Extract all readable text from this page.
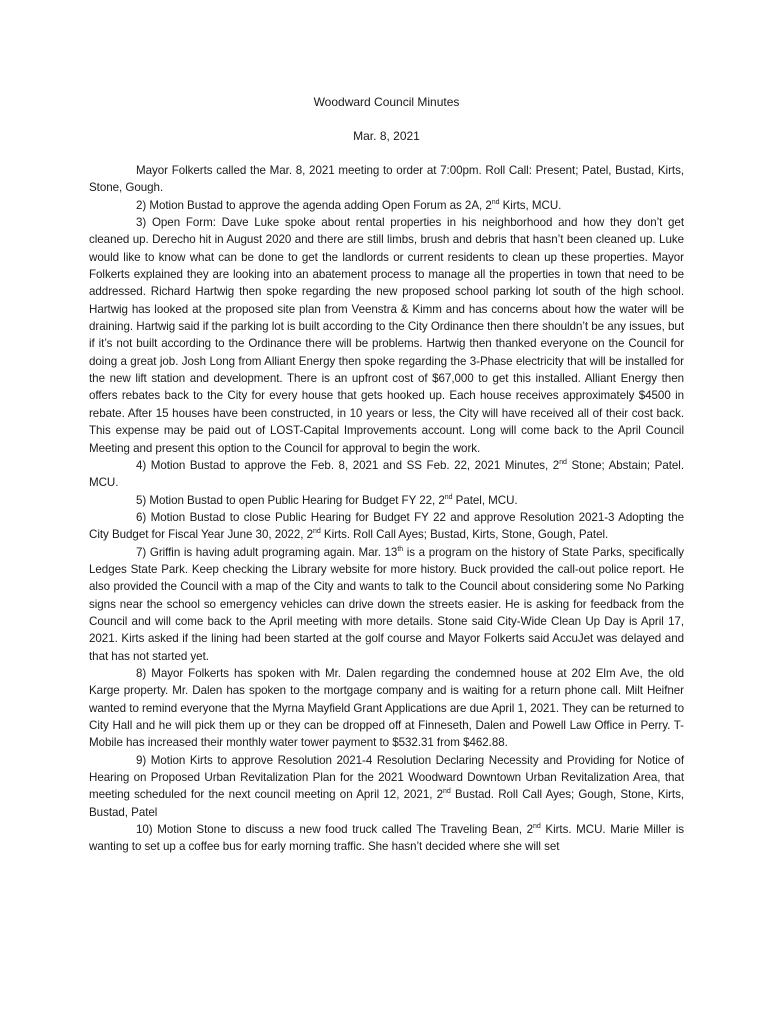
Woodward Council Minutes

Mar. 8, 2021

Mayor Folkerts called the Mar. 8, 2021 meeting to order at 7:00pm. Roll Call: Present; Patel, Bustad, Kirts, Stone, Gough.

2) Motion Bustad to approve the agenda adding Open Forum as 2A, 2nd Kirts, MCU.

3) Open Form: Dave Luke spoke about rental properties in his neighborhood and how they don’t get cleaned up. Derecho hit in August 2020 and there are still limbs, brush and debris that hasn’t been cleaned up. Luke would like to know what can be done to get the landlords or current residents to clean up these properties. Mayor Folkerts explained they are looking into an abatement process to manage all the properties in town that need to be addressed. Richard Hartwig then spoke regarding the new proposed school parking lot south of the high school. Hartwig has looked at the proposed site plan from Veenstra & Kimm and has concerns about how the water will be draining. Hartwig said if the parking lot is built according to the City Ordinance then there shouldn’t be any issues, but if it’s not built according to the Ordinance there will be problems. Hartwig then thanked everyone on the Council for doing a great job. Josh Long from Alliant Energy then spoke regarding the 3-Phase electricity that will be installed for the new lift station and development. There is an upfront cost of $67,000 to get this installed. Alliant Energy then offers rebates back to the City for every house that gets hooked up. Each house receives approximately $4500 in rebate. After 15 houses have been constructed, in 10 years or less, the City will have received all of their cost back. This expense may be paid out of LOST-Capital Improvements account. Long will come back to the April Council Meeting and present this option to the Council for approval to begin the work.

4) Motion Bustad to approve the Feb. 8, 2021 and SS Feb. 22, 2021 Minutes, 2nd Stone; Abstain; Patel. MCU.

5) Motion Bustad to open Public Hearing for Budget FY 22, 2nd Patel, MCU.

6) Motion Bustad to close Public Hearing for Budget FY 22 and approve Resolution 2021-3 Adopting the City Budget for Fiscal Year June 30, 2022, 2nd Kirts. Roll Call Ayes; Bustad, Kirts, Stone, Gough, Patel.

7) Griffin is having adult programing again. Mar. 13th is a program on the history of State Parks, specifically Ledges State Park. Keep checking the Library website for more history. Buck provided the call-out police report. He also provided the Council with a map of the City and wants to talk to the Council about considering some No Parking signs near the school so emergency vehicles can drive down the streets easier. He is asking for feedback from the Council and will come back to the April meeting with more details. Stone said City-Wide Clean Up Day is April 17, 2021. Kirts asked if the lining had been started at the golf course and Mayor Folkerts said AccuJet was delayed and that has not started yet.

8) Mayor Folkerts has spoken with Mr. Dalen regarding the condemned house at 202 Elm Ave, the old Karge property. Mr. Dalen has spoken to the mortgage company and is waiting for a return phone call. Milt Heifner wanted to remind everyone that the Myrna Mayfield Grant Applications are due April 1, 2021. They can be returned to City Hall and he will pick them up or they can be dropped off at Finneseth, Dalen and Powell Law Office in Perry. T-Mobile has increased their monthly water tower payment to $532.31 from $462.88.

9) Motion Kirts to approve Resolution 2021-4 Resolution Declaring Necessity and Providing for Notice of Hearing on Proposed Urban Revitalization Plan for the 2021 Woodward Downtown Urban Revitalization Area, that meeting scheduled for the next council meeting on April 12, 2021, 2nd Bustad. Roll Call Ayes; Gough, Stone, Kirts, Bustad, Patel

10) Motion Stone to discuss a new food truck called The Traveling Bean, 2nd Kirts. MCU. Marie Miller is wanting to set up a coffee bus for early morning traffic. She hasn’t decided where she will set
